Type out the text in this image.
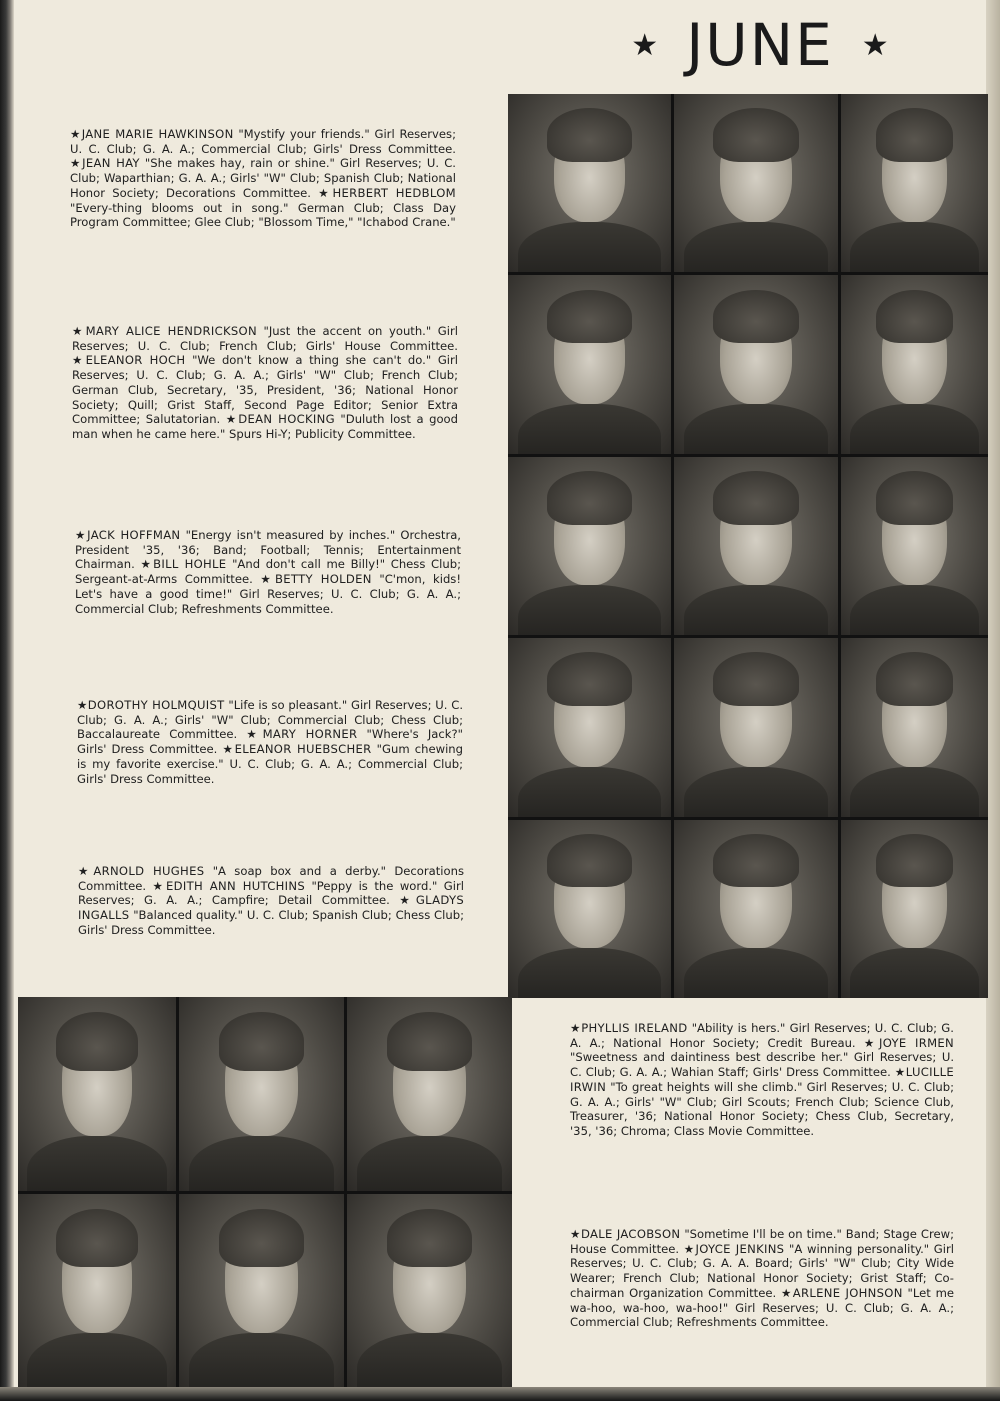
★ JUNE ★

★JANE MARIE HAWKINSON "Mystify your friends." Girl Reserves; U. C. Club; G. A. A.; Commercial Club; Girls' Dress Committee. ★JEAN HAY "She makes hay, rain or shine." Girl Reserves; U. C. Club; Waparthian; G. A. A.; Girls' "W" Club; Spanish Club; National Honor Society; Decorations Committee. ★HERBERT HEDBLOM "Every-thing blooms out in song." German Club; Class Day Program Committee; Glee Club; "Blossom Time," "Ichabod Crane."

★MARY ALICE HENDRICKSON "Just the accent on youth." Girl Reserves; U. C. Club; French Club; Girls' House Committee. ★ELEANOR HOCH "We don't know a thing she can't do." Girl Reserves; U. C. Club; G. A. A.; Girls' "W" Club; French Club; German Club, Secretary, '35, President, '36; National Honor Society; Quill; Grist Staff, Second Page Editor; Senior Extra Committee; Salutatorian. ★DEAN HOCKING "Duluth lost a good man when he came here." Spurs Hi-Y; Publicity Committee.

★JACK HOFFMAN "Energy isn't measured by inches." Orchestra, President '35, '36; Band; Football; Tennis; Entertainment Chairman. ★BILL HOHLE "And don't call me Billy!" Chess Club; Sergeant-at-Arms Committee. ★BETTY HOLDEN "C'mon, kids! Let's have a good time!" Girl Reserves; U. C. Club; G. A. A.; Commercial Club; Refreshments Committee.

★DOROTHY HOLMQUIST "Life is so pleasant." Girl Reserves; U. C. Club; G. A. A.; Girls' "W" Club; Commercial Club; Chess Club; Baccalaureate Committee. ★MARY HORNER "Where's Jack?" Girls' Dress Committee. ★ELEANOR HUEBSCHER "Gum chewing is my favorite exercise." U. C. Club; G. A. A.; Commercial Club; Girls' Dress Committee.

★ARNOLD HUGHES "A soap box and a derby." Decorations Committee. ★EDITH ANN HUTCHINS "Peppy is the word." Girl Reserves; G. A. A.; Campfire; Detail Committee. ★GLADYS INGALLS "Balanced quality." U. C. Club; Spanish Club; Chess Club; Girls' Dress Committee.

★PHYLLIS IRELAND "Ability is hers." Girl Reserves; U. C. Club; G. A. A.; National Honor Society; Credit Bureau. ★JOYE IRMEN "Sweetness and daintiness best describe her." Girl Reserves; U. C. Club; G. A. A.; Wahian Staff; Girls' Dress Committee. ★LUCILLE IRWIN "To great heights will she climb." Girl Reserves; U. C. Club; G. A. A.; Girls' "W" Club; Girl Scouts; French Club; Science Club, Treasurer, '36; National Honor Society; Chess Club, Secretary, '35, '36; Chroma; Class Movie Committee.

★DALE JACOBSON "Sometime I'll be on time." Band; Stage Crew; House Committee. ★JOYCE JENKINS "A winning personality." Girl Reserves; U. C. Club; G. A. A. Board; Girls' "W" Club; City Wide Wearer; French Club; National Honor Society; Grist Staff; Co-chairman Organization Committee. ★ARLENE JOHNSON "Let me wa-hoo, wa-hoo, wa-hoo!" Girl Reserves; U. C. Club; G. A. A.; Commercial Club; Refreshments Committee.
